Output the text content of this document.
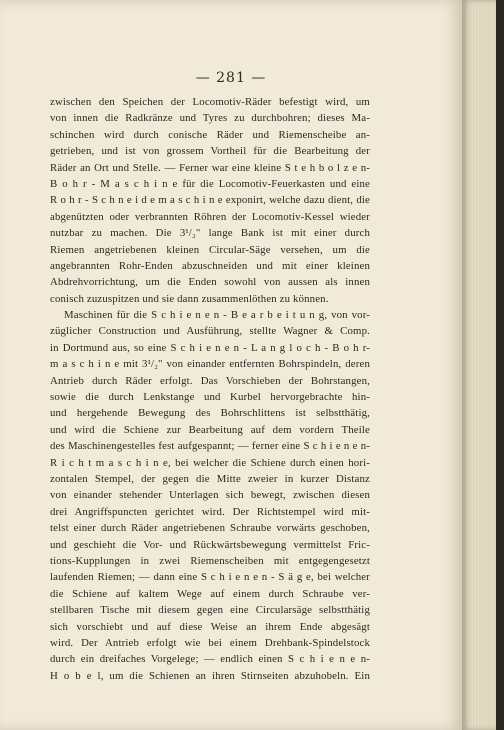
— 281 —
zwischen den Speichen der Locomotiv-Räder befestigt wird, um
von innen die Radkränze und Tyres zu durchbohren; dieses Ma-
schinchen wird durch conische Räder und Riemenscheibe an-
getrieben, und ist von grossem Vortheil für die Bearbeitung der
Räder an Ort und Stelle. — Ferner war eine kleine S t e h b o l z e n-
B o h r - M a s c h i n e für die Locomotiv-Feuerkasten und eine
R o h r - S c h n e i d e m a s c h i n e exponirt, welche dazu dient, die
abgenützten oder verbrannten Röhren der Locomotiv-Kessel wieder
nutzbar zu machen. Die 3¹/₂" lange Bank ist mit einer durch
Riemen angetriebenen kleinen Circular-Säge versehen, um die
angebrannten Rohr-Enden abzuschneiden und mit einer kleinen
Abdrehvorrichtung, um die Enden sowohl von aussen als innen
conisch zuzuspitzen und sie dann zusammenlöthen zu können.
Maschinen für die S c h i e n e n - B e a r b e i t u n g, von vor-
züglicher Construction und Ausführung, stellte Wagner & Comp.
in Dortmund aus, so eine S c h i e n e n - L a n g l o c h - B o h r-
m a s c h i n e mit 3¹/₂" von einander entfernten Bohrspindeln, deren
Antrieb durch Räder erfolgt. Das Vorschieben der Bohrstangen,
sowie die durch Lenkstange und Kurbel hervorgebrachte hin-
und hergehende Bewegung des Bohrschlittens ist selbstthätig,
und wird die Schiene zur Bearbeitung auf dem vordern Theile
des Maschinengestelles fest aufgespannt; — ferner eine S c h i e n e n-
R i c h t m a s c h i n e, bei welcher die Schiene durch einen hori-
zontalen Stempel, der gegen die Mitte zweier in kurzer Distanz
von einander stehender Unterlagen sich bewegt, zwischen diesen
drei Angriffspuncten gerichtet wird. Der Richtstempel wird mit-
telst einer durch Räder angetriebenen Schraube vorwärts geschoben,
und geschieht die Vor- und Rückwärtsbewegung vermittelst Fric-
tions-Kupplungen in zwei Riemenscheiben mit entgegengesetzt
laufenden Riemen; — dann eine S c h i e n e n - S ä g e, bei welcher
die Schiene auf kaltem Wege auf einem durch Schraube ver-
stellbaren Tische mit diesem gegen eine Circularsäge selbstthätig
sich vorschiebt und auf diese Weise an ihrem Ende abgesägt
wird. Der Antrieb erfolgt wie bei einem Drehbank-Spindelstock
durch ein dreifaches Vorgelege; — endlich einen S c h i e n e n-
H o b e l, um die Schienen an ihren Stirnseiten abzuhobeln. Ein
